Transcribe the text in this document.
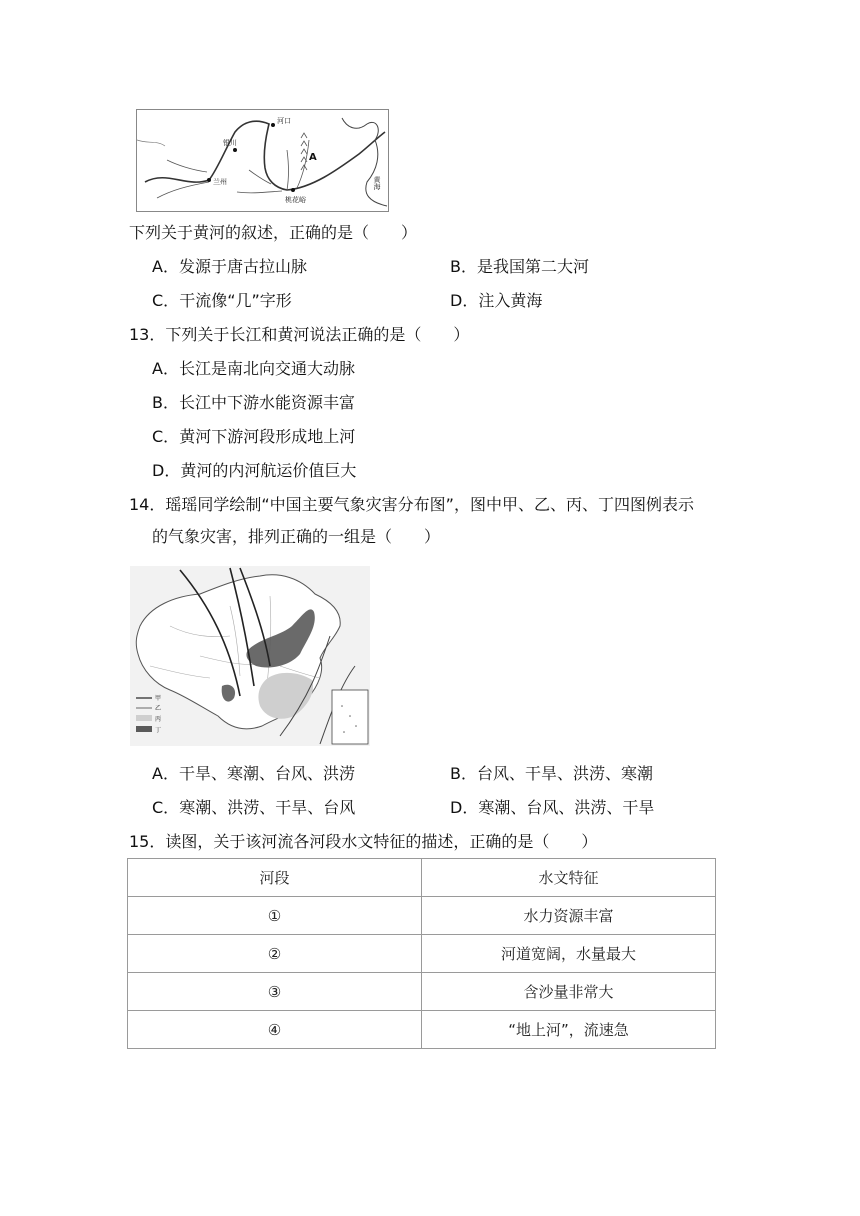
河口
银川
兰州
A
桃花峪
黄海
下列关于黄河的叙述，正确的是（　　）
A．发源于唐古拉山脉	B．是我国第二大河
C．干流像“几”字形	D．注入黄海
13．下列关于长江和黄河说法正确的是（　　）
A．长江是南北向交通大动脉
B．长江中下游水能资源丰富
C．黄河下游河段形成地上河
D．黄河的内河航运价值巨大
14．瑶瑶同学绘制“中国主要气象灾害分布图”，图中甲、乙、丙、丁四图例表示
的气象灾害，排列正确的一组是（　　）
甲
乙
丙
丁
A．干旱、寒潮、台风、洪涝	B．台风、干旱、洪涝、寒潮
C．寒潮、洪涝、干旱、台风	D．寒潮、台风、洪涝、干旱
15．读图，关于该河流各河段水文特征的描述，正确的是（　　）
河段	水文特征
①	水力资源丰富
②	河道宽阔，水量最大
③	含沙量非常大
④	“地上河”，流速急
